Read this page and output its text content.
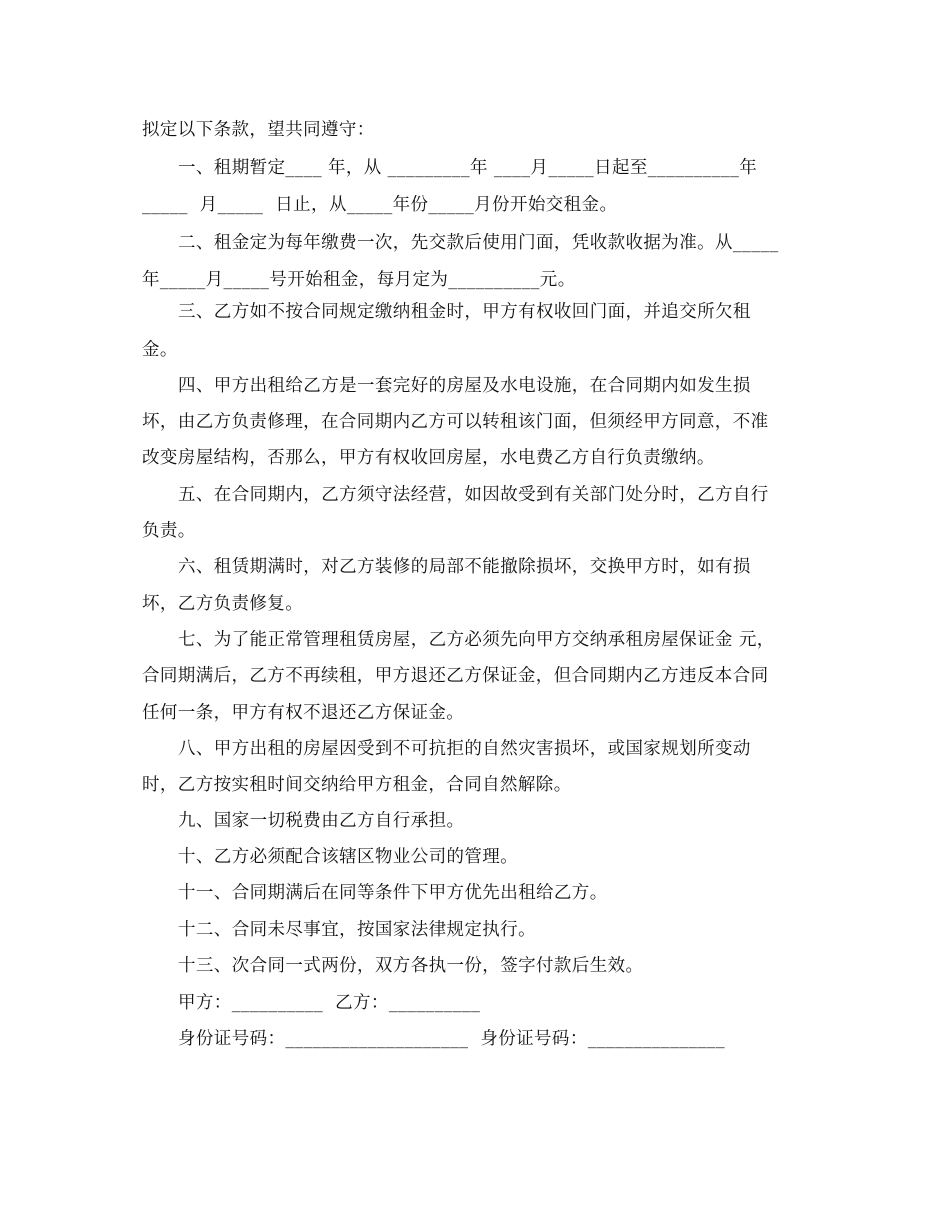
拟定以下条款，望共同遵守：
一、租期暂定____ 年，从 _________年 ____月_____日起至__________年
_____  月_____  日止，从_____年份_____月份开始交租金。
二、租金定为每年缴费一次，先交款后使用门面，凭收款收据为准。从_____
年_____月_____号开始租金，每月定为__________元。
三、乙方如不按合同规定缴纳租金时，甲方有权收回门面，并追交所欠租
金。
四、甲方出租给乙方是一套完好的房屋及水电设施，在合同期内如发生损
坏，由乙方负责修理，在合同期内乙方可以转租该门面，但须经甲方同意，不准
改变房屋结构，否那么，甲方有权收回房屋，水电费乙方自行负责缴纳。
五、在合同期内，乙方须守法经营，如因故受到有关部门处分时，乙方自行
负责。
六、租赁期满时，对乙方装修的局部不能撤除损坏，交换甲方时，如有损
坏，乙方负责修复。
七、为了能正常管理租赁房屋，乙方必须先向甲方交纳承租房屋保证金 元，
合同期满后，乙方不再续租，甲方退还乙方保证金，但合同期内乙方违反本合同
任何一条，甲方有权不退还乙方保证金。
八、甲方出租的房屋因受到不可抗拒的自然灾害损坏，或国家规划所变动
时，乙方按实租时间交纳给甲方租金，合同自然解除。
九、国家一切税费由乙方自行承担。
十、乙方必须配合该辖区物业公司的管理。
十一、合同期满后在同等条件下甲方优先出租给乙方。
十二、合同未尽事宜，按国家法律规定执行。
十三、次合同一式两份，双方各执一份，签字付款后生效。
甲方：__________  乙方：__________
身份证号码：____________________  身份证号码：_______________
